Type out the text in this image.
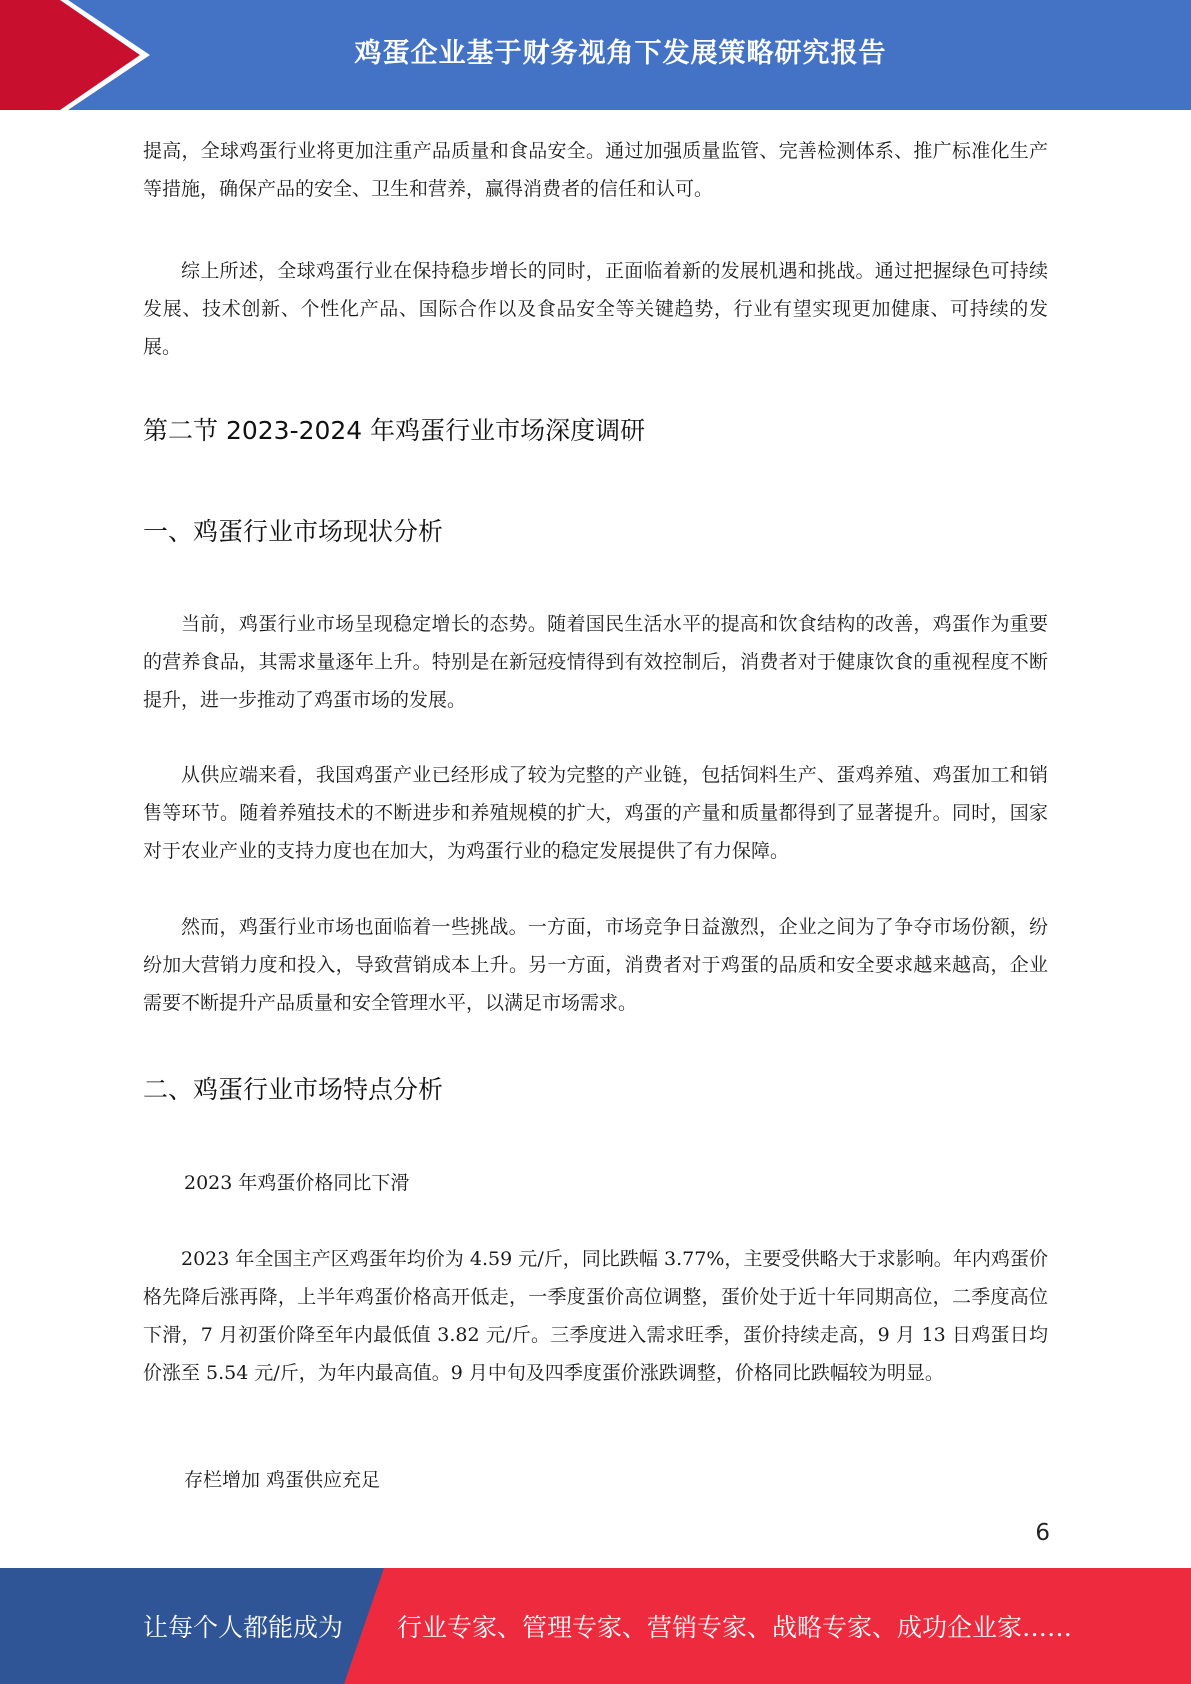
鸡蛋企业基于财务视角下发展策略研究报告

提高，全球鸡蛋行业将更加注重产品质量和食品安全。通过加强质量监管、完善检测体系、推广标准化生产等措施，确保产品的安全、卫生和营养，赢得消费者的信任和认可。

综上所述，全球鸡蛋行业在保持稳步增长的同时，正面临着新的发展机遇和挑战。通过把握绿色可持续发展、技术创新、个性化产品、国际合作以及食品安全等关键趋势，行业有望实现更加健康、可持续的发展。

第二节 2023-2024 年鸡蛋行业市场深度调研
一、鸡蛋行业市场现状分析

当前，鸡蛋行业市场呈现稳定增长的态势。随着国民生活水平的提高和饮食结构的改善，鸡蛋作为重要的营养食品，其需求量逐年上升。特别是在新冠疫情得到有效控制后，消费者对于健康饮食的重视程度不断提升，进一步推动了鸡蛋市场的发展。

从供应端来看，我国鸡蛋产业已经形成了较为完整的产业链，包括饲料生产、蛋鸡养殖、鸡蛋加工和销售等环节。随着养殖技术的不断进步和养殖规模的扩大，鸡蛋的产量和质量都得到了显著提升。同时，国家对于农业产业的支持力度也在加大，为鸡蛋行业的稳定发展提供了有力保障。

然而，鸡蛋行业市场也面临着一些挑战。一方面，市场竞争日益激烈，企业之间为了争夺市场份额，纷纷加大营销力度和投入，导致营销成本上升。另一方面，消费者对于鸡蛋的品质和安全要求越来越高，企业需要不断提升产品质量和安全管理水平，以满足市场需求。

二、鸡蛋行业市场特点分析

2023 年鸡蛋价格同比下滑

2023 年全国主产区鸡蛋年均价为 4.59 元/斤，同比跌幅 3.77%，主要受供略大于求影响。年内鸡蛋价格先降后涨再降，上半年鸡蛋价格高开低走，一季度蛋价高位调整，蛋价处于近十年同期高位，二季度高位下滑，7 月初蛋价降至年内最低值 3.82 元/斤。三季度进入需求旺季，蛋价持续走高，9 月 13 日鸡蛋日均价涨至 5.54 元/斤，为年内最高值。9 月中旬及四季度蛋价涨跌调整，价格同比跌幅较为明显。

存栏增加 鸡蛋供应充足

6
让每个人都能成为 行业专家、管理专家、营销专家、战略专家、成功企业家……
